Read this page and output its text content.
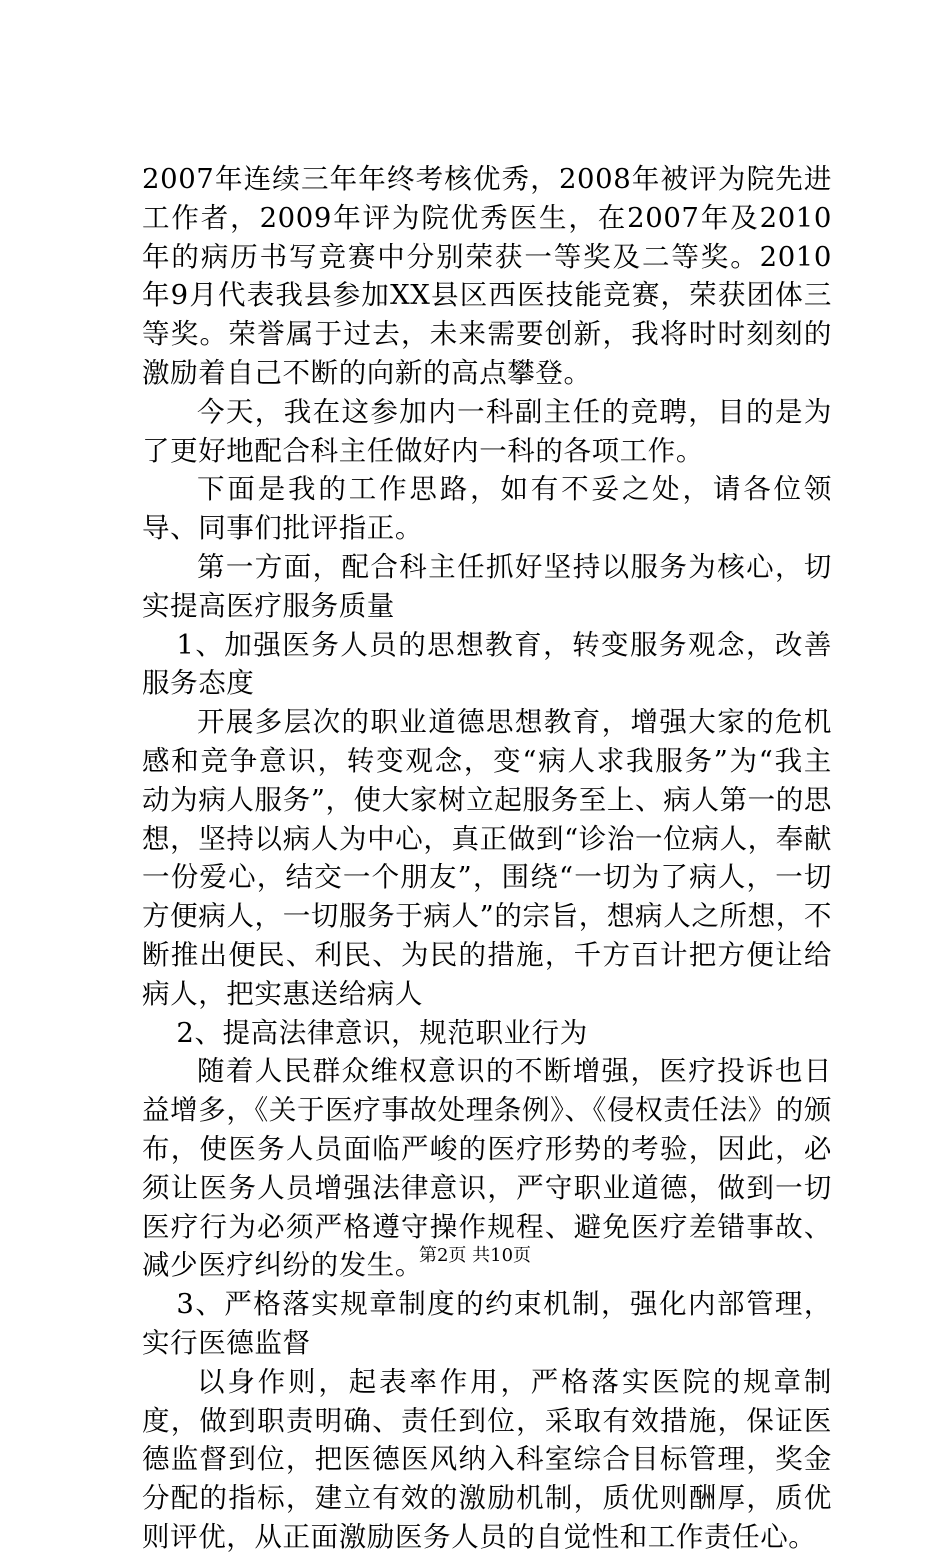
2007年连续三年年终考核优秀，2008年被评为院先进工作者，2009年评为院优秀医生，在2007年及2010年的病历书写竞赛中分别荣获一等奖及二等奖。2010年9月代表我县参加XX县区西医技能竞赛，荣获团体三等奖。荣誉属于过去，未来需要创新，我将时时刻刻的激励着自己不断的向新的高点攀登。

今天，我在这参加内一科副主任的竞聘，目的是为了更好地配合科主任做好内一科的各项工作。

下面是我的工作思路，如有不妥之处，请各位领导、同事们批评指正。

第一方面，配合科主任抓好坚持以服务为核心，切实提高医疗服务质量

1、加强医务人员的思想教育，转变服务观念，改善服务态度

开展多层次的职业道德思想教育，增强大家的危机感和竞争意识，转变观念，变“病人求我服务”为“我主动为病人服务”，使大家树立起服务至上、病人第一的思想，坚持以病人为中心，真正做到“诊治一位病人，奉献一份爱心，结交一个朋友”，围绕“一切为了病人，一切方便病人，一切服务于病人”的宗旨，想病人之所想，不断推出便民、利民、为民的措施，千方百计把方便让给病人，把实惠送给病人

2、提高法律意识，规范职业行为

随着人民群众维权意识的不断增强，医疗投诉也日益增多，《关于医疗事故处理条例》、《侵权责任法》的颁布，使医务人员面临严峻的医疗形势的考验，因此，必须让医务人员增强法律意识，严守职业道德，做到一切医疗行为必须严格遵守操作规程、避免医疗差错事故、减少医疗纠纷的发生。

3、严格落实规章制度的约束机制，强化内部管理，实行医德监督

以身作则，起表率作用，严格落实医院的规章制度，做到职责明确、责任到位，采取有效措施，保证医德监督到位，把医德医风纳入科室综合目标管理，奖金分配的指标，建立有效的激励机制，质优则酬厚，质优则评优，从正面激励医务人员的自觉性和工作责任心。

第2页 共10页
